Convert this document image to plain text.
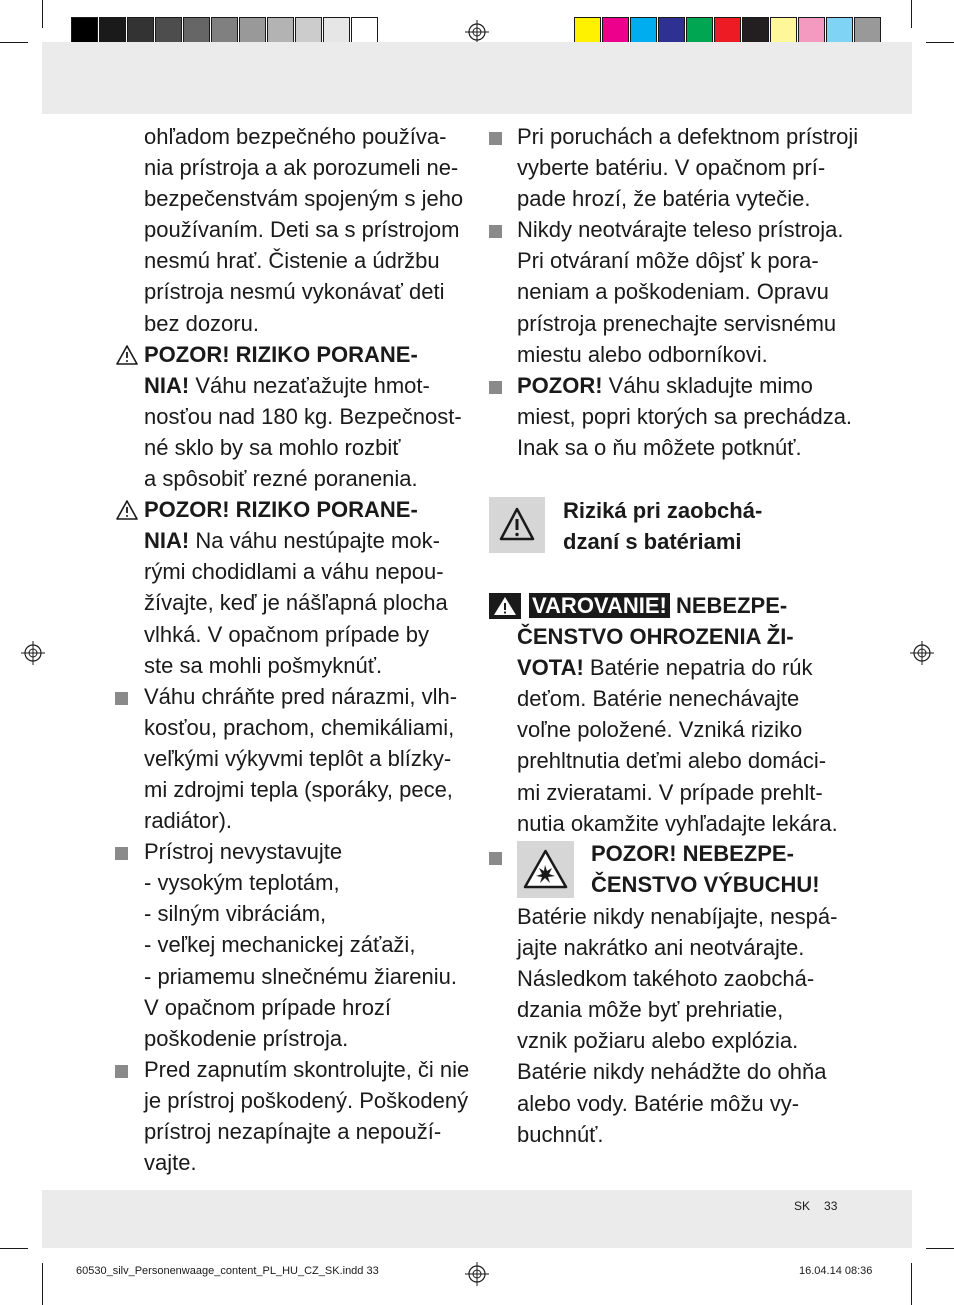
ohľadom bezpečného používa-
nia prístroja a ak porozumeli ne-
bezpečenstvám spojeným s jeho
používaním. Deti sa s prístrojom
nesmú hrať. Čistenie a údržbu
prístroja nesmú vykonávať deti
bez dozoru.
POZOR! RIZIKO PORANE-
NIA! Váhu nezaťažujte hmot-
nosťou nad 180 kg. Bezpečnost-
né sklo by sa mohlo rozbiť
a spôsobiť rezné poranenia.
POZOR! RIZIKO PORANE-
NIA! Na váhu nestúpajte mok-
rými chodidlami a váhu nepou-
žívajte, keď je nášľapná plocha
vlhká. V opačnom prípade by
ste sa mohli pošmyknúť.
Váhu chráňte pred nárazmi, vlh-
kosťou, prachom, chemikáliami,
veľkými výkyvmi teplôt a blízky-
mi zdrojmi tepla (sporáky, pece,
radiátor).
Prístroj nevystavujte
- vysokým teplotám,
- silným vibráciám,
- veľkej mechanickej záťaži,
- priamemu slnečnému žiareniu.
V opačnom prípade hrozí
poškodenie prístroja.
Pred zapnutím skontrolujte, či nie
je prístroj poškodený. Poškodený
prístroj nezapínajte a nepouží-
vajte.
Pri poruchách a defektnom prístroji
vyberte batériu. V opačnom prí-
pade hrozí, že batéria vytečie.
Nikdy neotvárajte teleso prístroja.
Pri otváraní môže dôjsť k pora-
neniam a poškodeniam. Opravu
prístroja prenechajte servisnému
miestu alebo odborníkovi.
POZOR! Váhu skladujte mimo
miest, popri ktorých sa prechádza.
Inak sa o ňu môžete potknúť.
Riziká pri zaobchá-
dzaní s batériami
VAROVANIE! NEBEZPE-
ČENSTVO OHROZENIA ŽI-
VOTA! Batérie nepatria do rúk
deťom. Batérie nenechávajte
voľne položené. Vzniká riziko
prehltnutia deťmi alebo domáci-
mi zvieratami. V prípade prehlt-
nutia okamžite vyhľadajte lekára.
POZOR! NEBEZPE-
ČENSTVO VÝBUCHU!
Batérie nikdy nenabíjajte, nespá-
jajte nakrátko ani neotvárajte.
Následkom takéhoto zaobchá-
dzania môže byť prehriatie,
vznik požiaru alebo explózia.
Batérie nikdy nehádžte do ohňa
alebo vody. Batérie môžu vy-
buchnúť.
SK 33
60530_silv_Personenwaage_content_PL_HU_CZ_SK.indd 33	16.04.14 08:36
